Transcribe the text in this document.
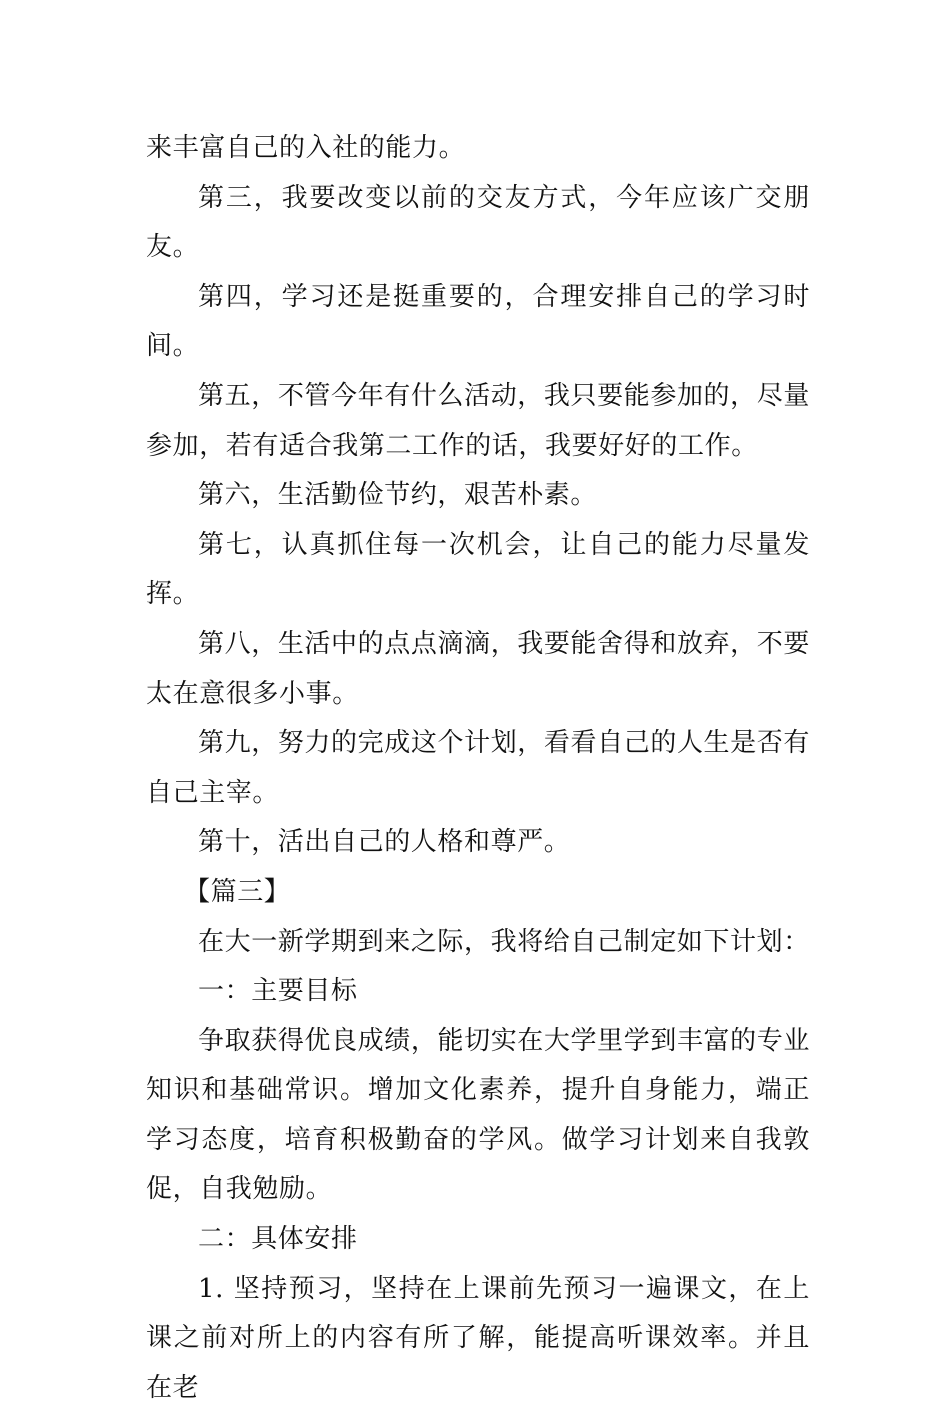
来丰富自己的入社的能力。

第三，我要改变以前的交友方式，今年应该广交朋友。

第四，学习还是挺重要的，合理安排自己的学习时间。

第五，不管今年有什么活动，我只要能参加的，尽量参加，若有适合我第二工作的话，我要好好的工作。

第六，生活勤俭节约，艰苦朴素。

第七，认真抓住每一次机会，让自己的能力尽量发挥。

第八，生活中的点点滴滴，我要能舍得和放弃，不要太在意很多小事。

第九，努力的完成这个计划，看看自己的人生是否有自己主宰。

第十，活出自己的人格和尊严。

【篇三】

在大一新学期到来之际，我将给自己制定如下计划：

一：主要目标

争取获得优良成绩，能切实在大学里学到丰富的专业知识和基础常识。增加文化素养，提升自身能力，端正学习态度，培育积极勤奋的学风。做学习计划来自我敦促，自我勉励。

二：具体安排

1. 坚持预习，坚持在上课前先预习一遍课文，在上课之前对所上的内容有所了解，能提高听课效率。并且在老
